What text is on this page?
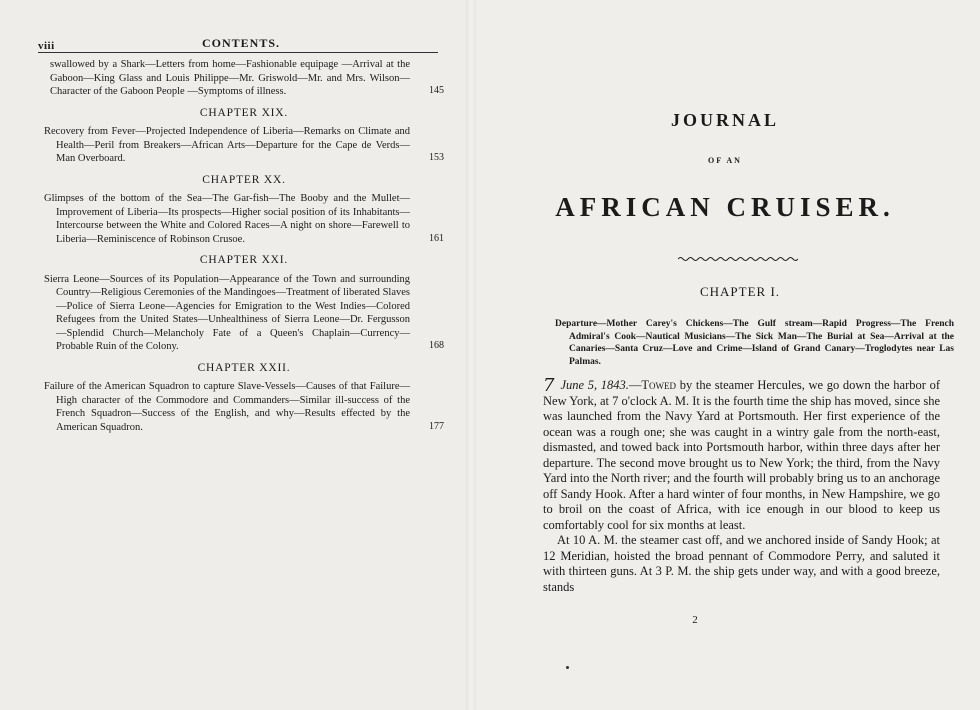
viii	CONTENTS.
swallowed by a Shark—Letters from home—Fashionable equipage —Arrival at the Gaboon—King Glass and Louis Philippe—Mr. Griswold—Mr. and Mrs. Wilson—Character of the Gaboon People —Symptoms of illness.	145
CHAPTER XIX.
Recovery from Fever—Projected Independence of Liberia—Remarks on Climate and Health—Peril from Breakers—African Arts—Departure for the Cape de Verds—Man Overboard.	153
CHAPTER XX.
Glimpses of the bottom of the Sea—The Gar-fish—The Booby and the Mullet—Improvement of Liberia—Its prospects—Higher social position of its Inhabitants—Intercourse between the White and Colored Races—A night on shore—Farewell to Liberia—Reminiscence of Robinson Crusoe.	161
CHAPTER XXI.
Sierra Leone—Sources of its Population—Appearance of the Town and surrounding Country—Religious Ceremonies of the Mandingoes—Treatment of liberated Slaves—Police of Sierra Leone—Agencies for Emigration to the West Indies—Colored Refugees from the United States—Unhealthiness of Sierra Leone—Dr. Fergusson—Splendid Church—Melancholy Fate of a Queen's Chaplain—Currency—Probable Ruin of the Colony.	168
CHAPTER XXII.
Failure of the American Squadron to capture Slave-Vessels—Causes of that Failure—High character of the Commodore and Commanders—Similar ill-success of the French Squadron—Success of the English, and why—Results effected by the American Squadron.	177
JOURNAL
OF AN
AFRICAN CRUISER.
CHAPTER I.
Departure—Mother Carey's Chickens—The Gulf stream—Rapid Progress—The French Admiral's Cook—Nautical Musicians—The Sick Man—The Burial at Sea—Arrival at the Canaries—Santa Cruz—Love and Crime—Island of Grand Canary—Troglodytes near Las Palmas.

7 June 5, 1843.—Towed by the steamer Hercules, we go down the harbor of New York, at 7 o'clock A. M. It is the fourth time the ship has moved, since she was launched from the Navy Yard at Portsmouth. Her first experience of the ocean was a rough one; she was caught in a wintry gale from the north-east, dismasted, and towed back into Portsmouth harbor, within three days after her departure. The second move brought us to New York; the third, from the Navy Yard into the North river; and the fourth will probably bring us to an anchorage off Sandy Hook. After a hard winter of four months, in New Hampshire, we go to broil on the coast of Africa, with ice enough in our blood to keep us comfortably cool for six months at least.

At 10 A. M. the steamer cast off, and we anchored inside of Sandy Hook; at 12 Meridian, hoisted the broad pennant of Commodore Perry, and saluted it with thirteen guns. At 3 P. M. the ship gets under way, and with a good breeze, stands

2
